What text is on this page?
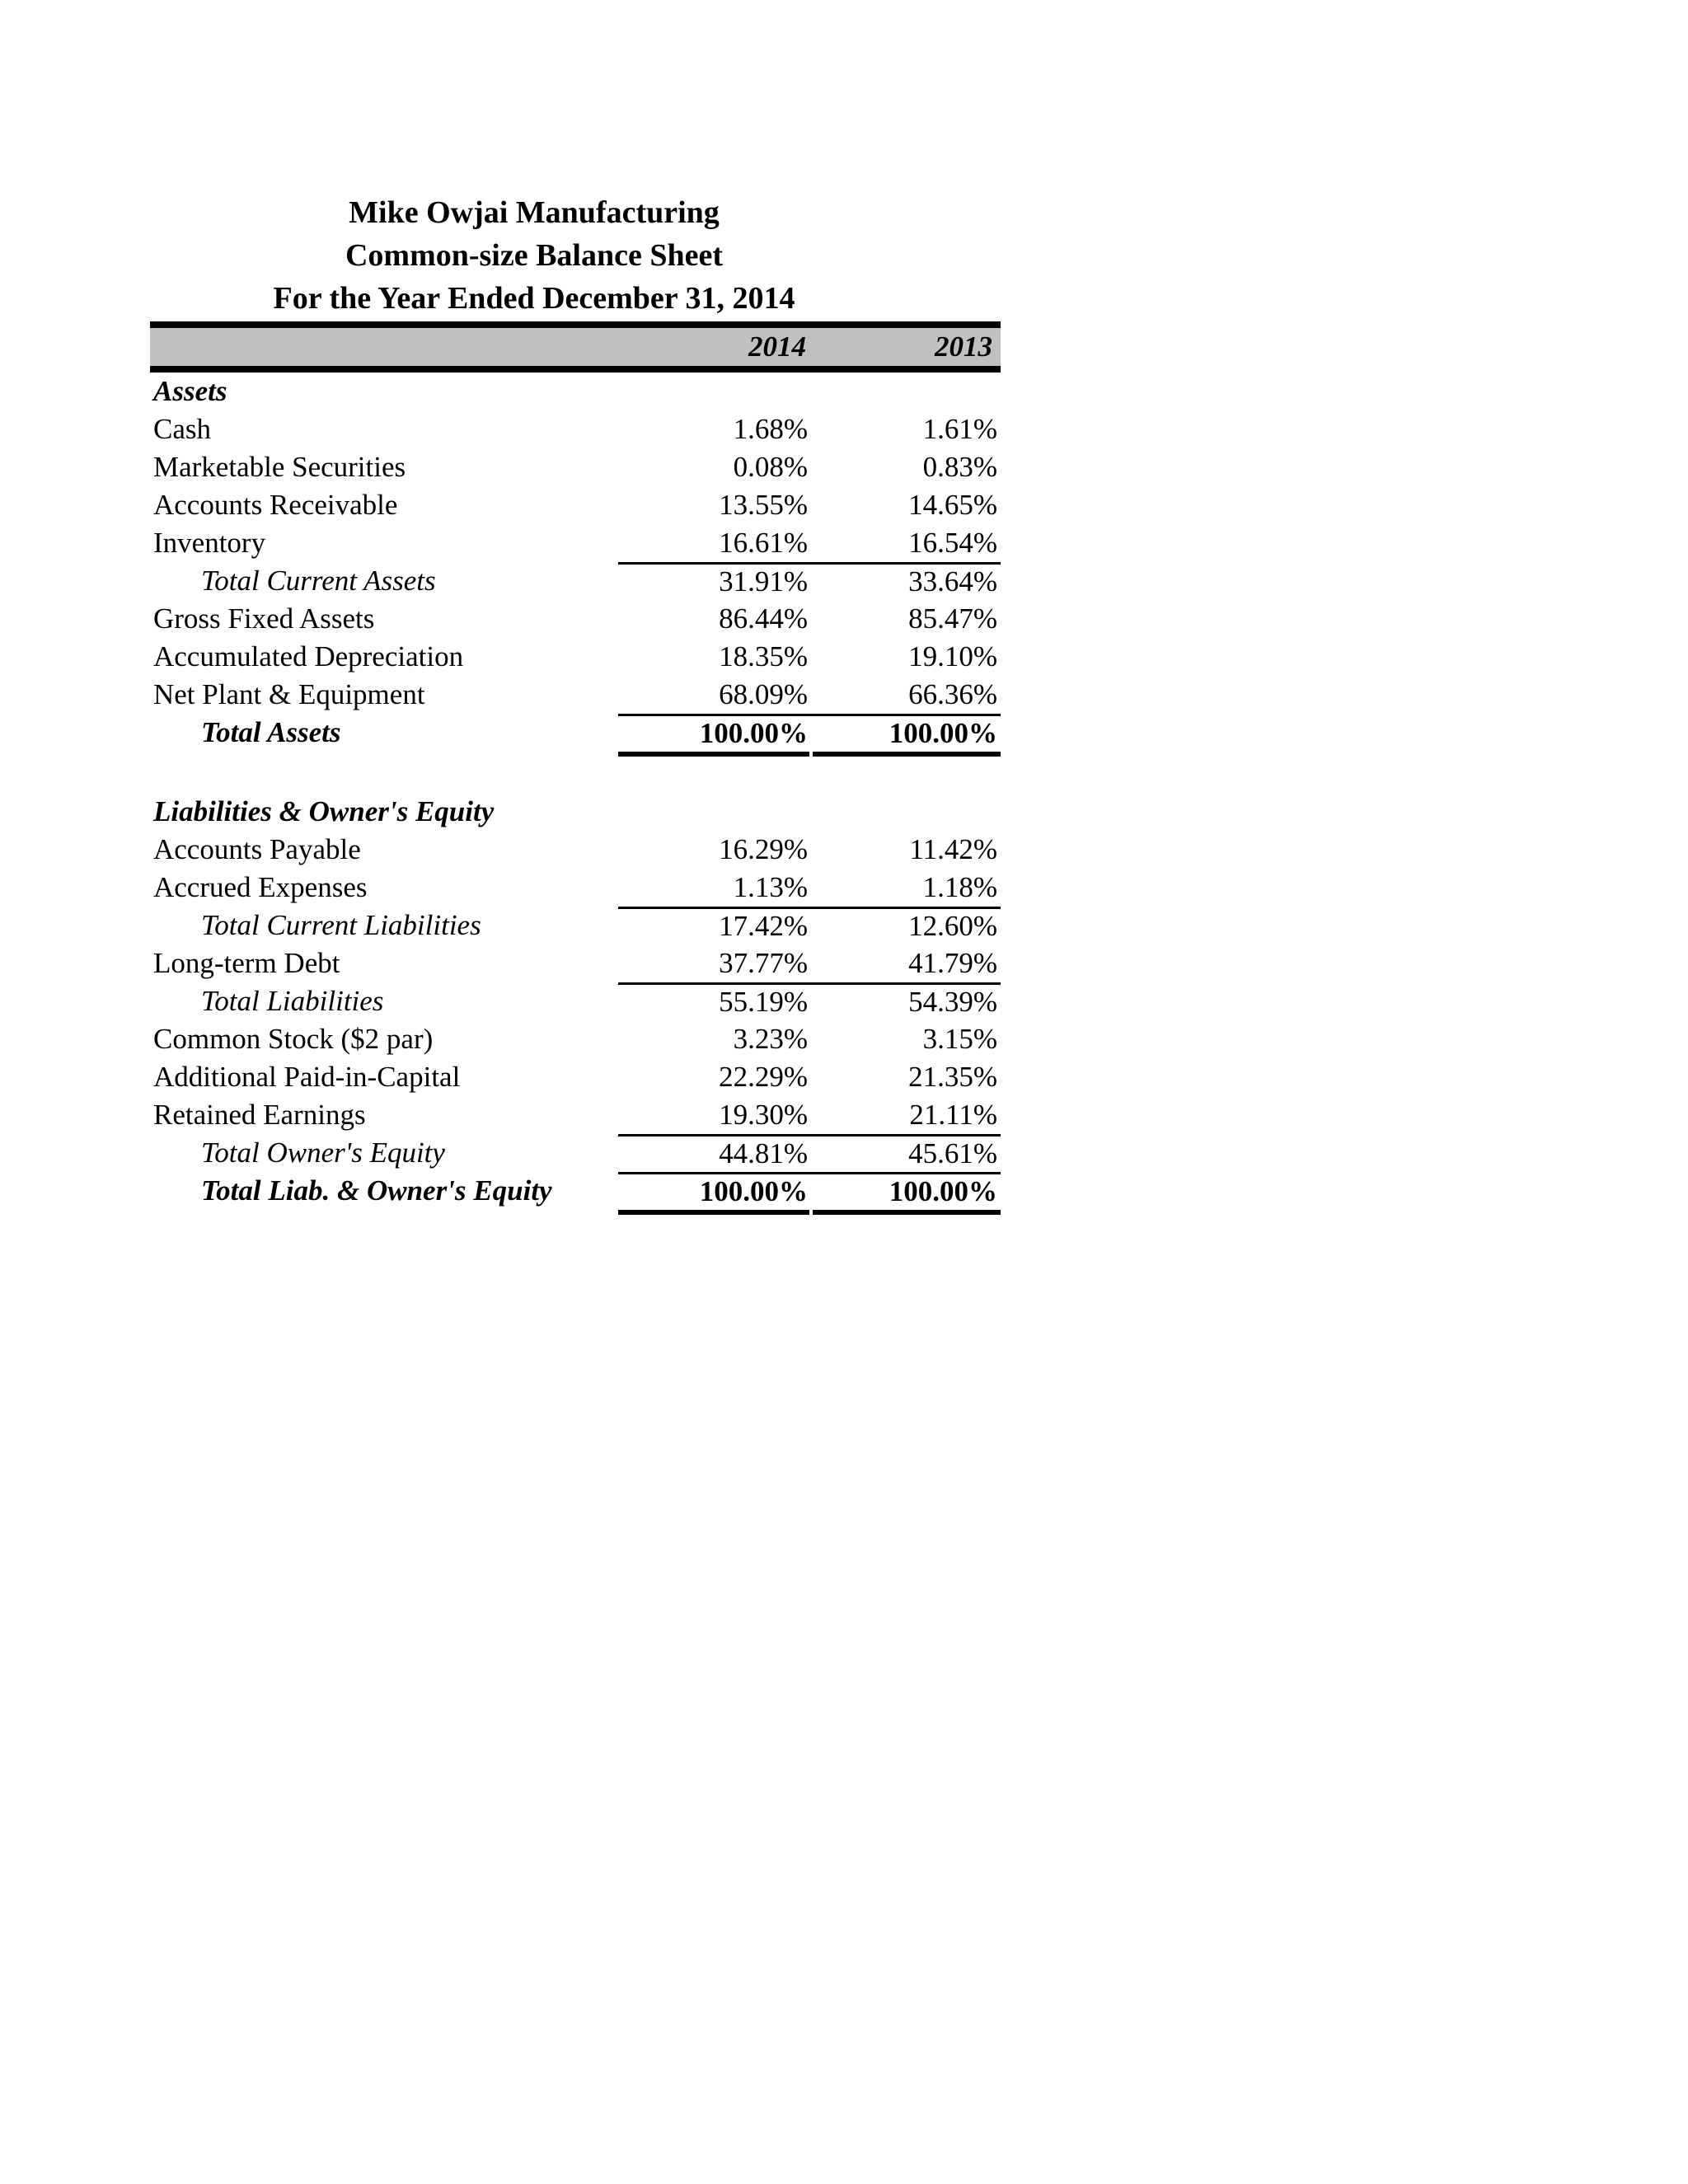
Mike Owjai Manufacturing
Common-size Balance Sheet
For the Year Ended December 31, 2014
2014	2013
Assets
Cash	1.68%	1.61%
Marketable Securities	0.08%	0.83%
Accounts Receivable	13.55%	14.65%
Inventory	16.61%	16.54%
Total Current Assets	31.91%	33.64%
Gross Fixed Assets	86.44%	85.47%
Accumulated Depreciation	18.35%	19.10%
Net Plant & Equipment	68.09%	66.36%
Total Assets	100.00%	100.00%
Liabilities & Owner's Equity
Accounts Payable	16.29%	11.42%
Accrued Expenses	1.13%	1.18%
Total Current Liabilities	17.42%	12.60%
Long-term Debt	37.77%	41.79%
Total Liabilities	55.19%	54.39%
Common Stock ($2 par)	3.23%	3.15%
Additional Paid-in-Capital	22.29%	21.35%
Retained Earnings	19.30%	21.11%
Total Owner's Equity	44.81%	45.61%
Total Liab. & Owner's Equity	100.00%	100.00%
